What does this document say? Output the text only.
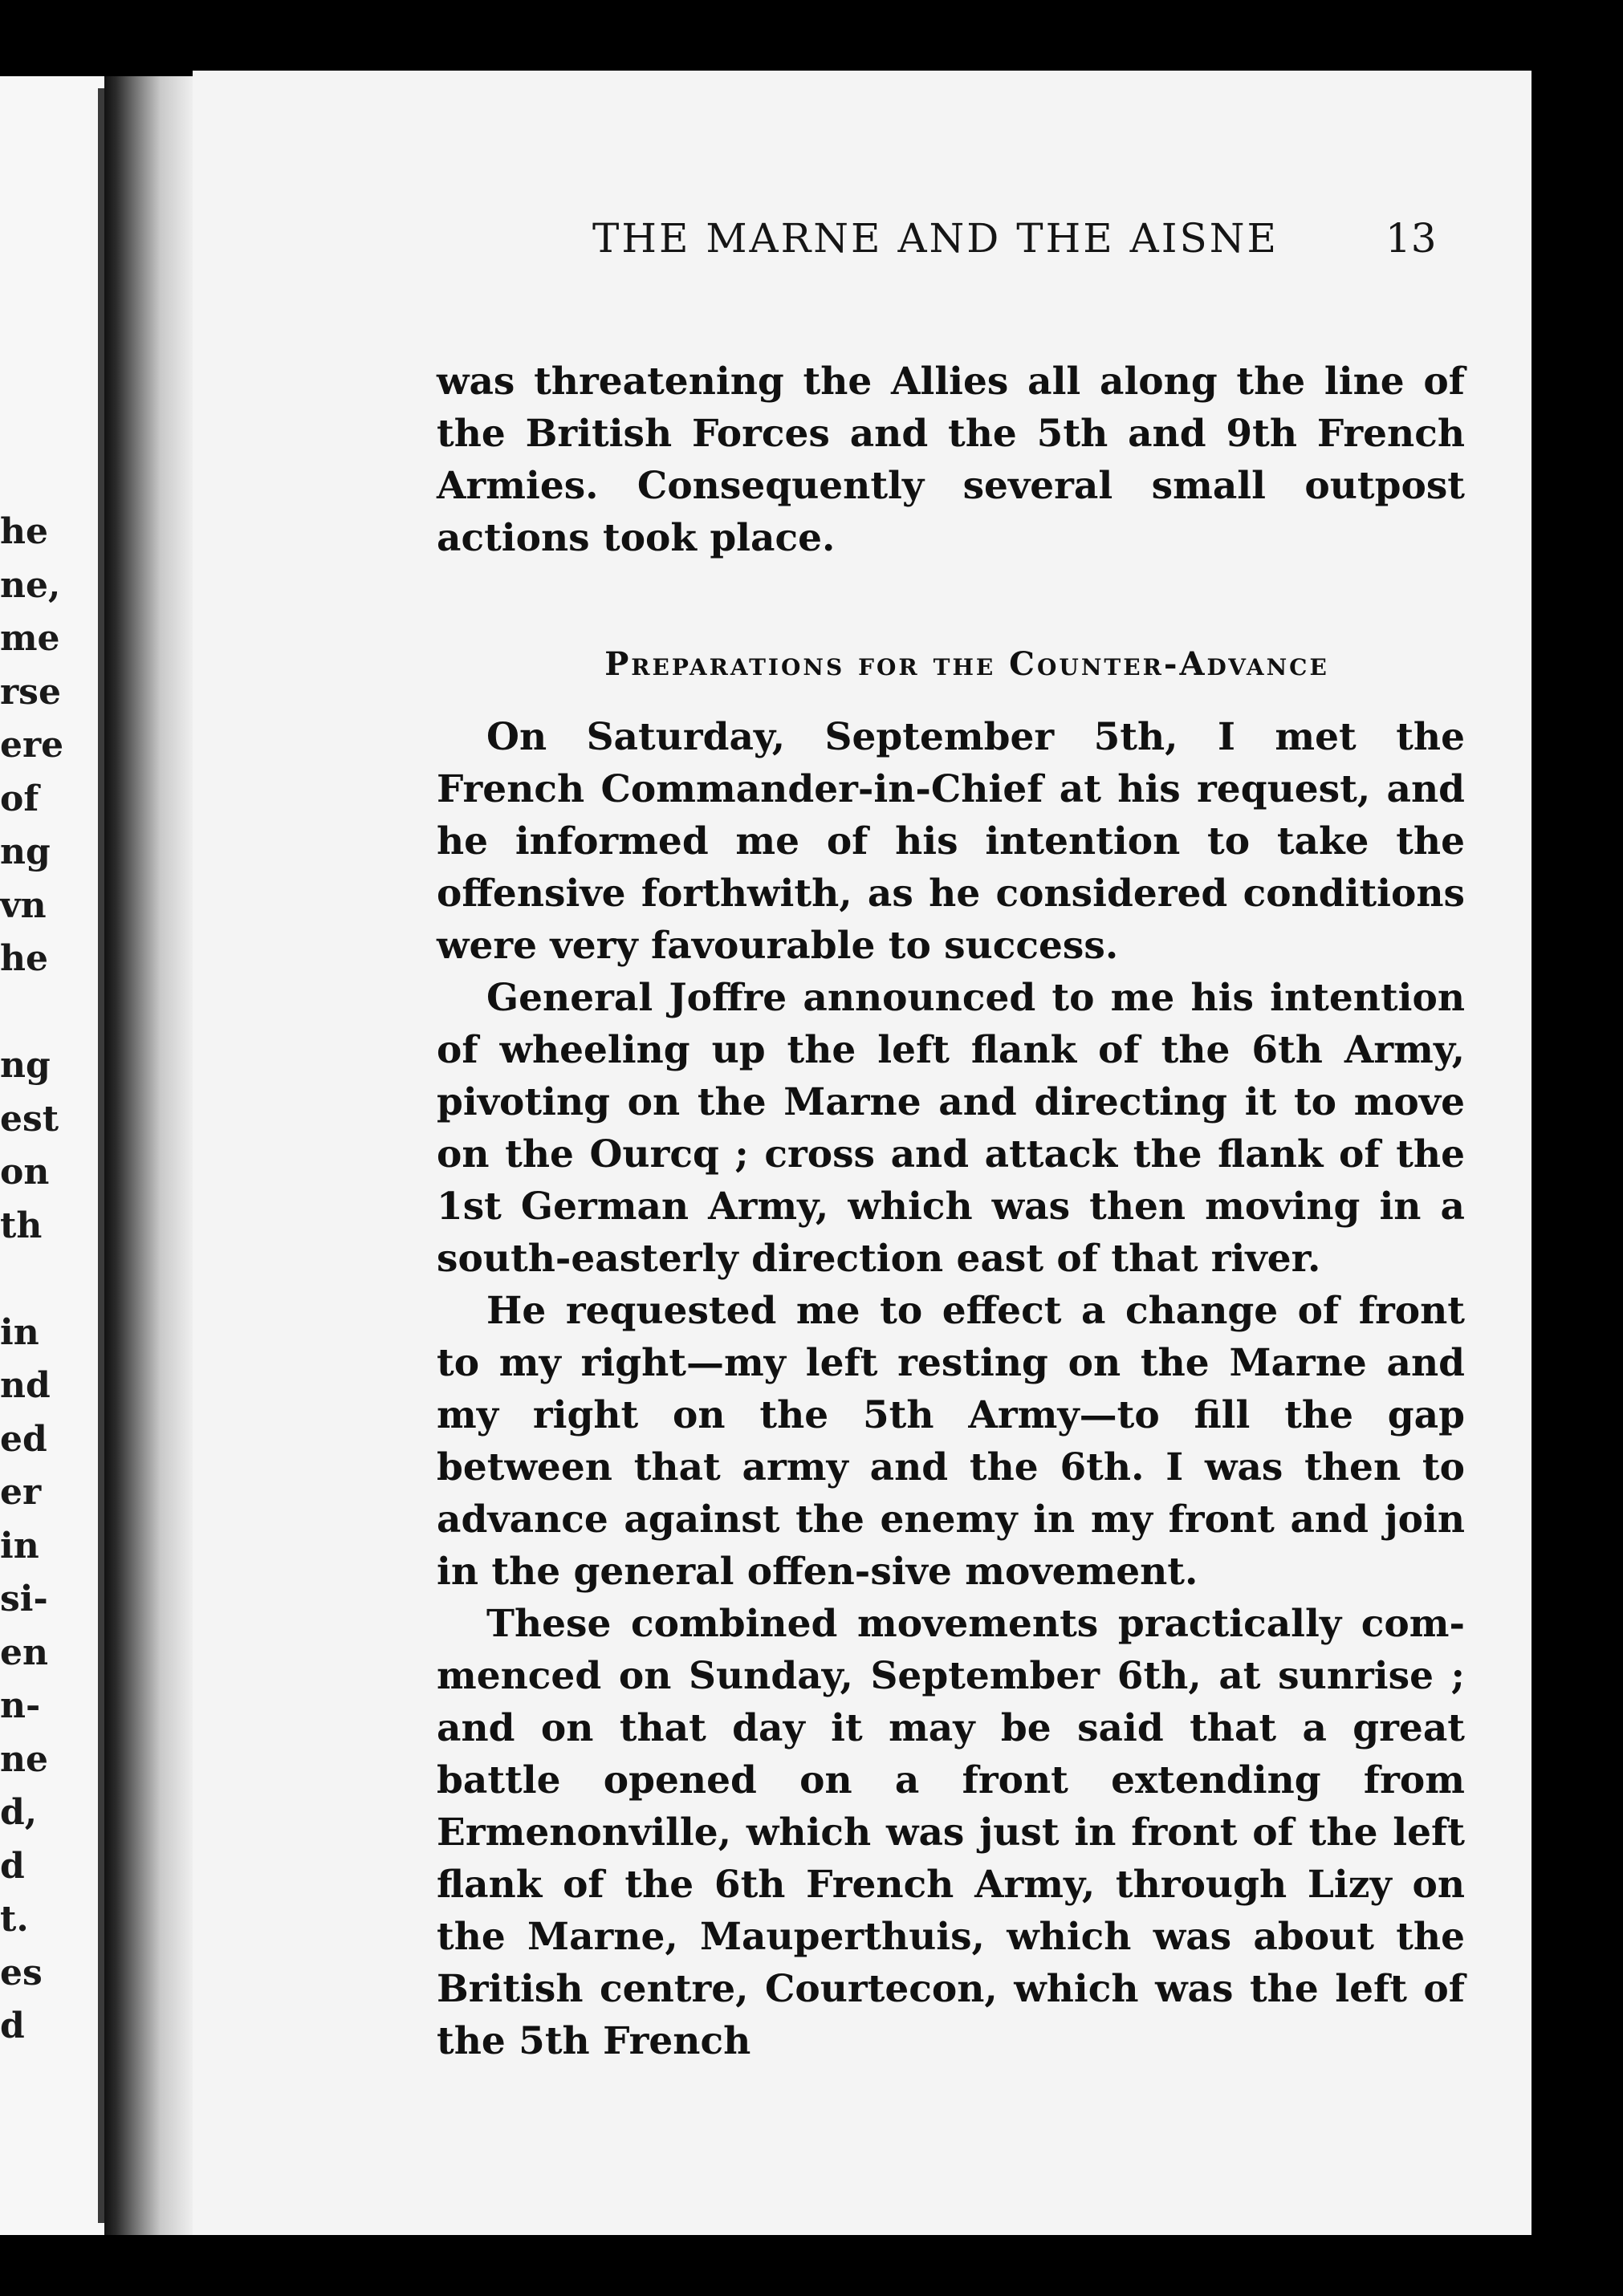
he
ne,
me
rse
ere
of
ng
vn
he
ng
est
on
th
in
nd
ed
er
in
si-
en
n-
ne
d,
d
t.
es
d
THE MARNE AND THE AISNE	13

was threatening the Allies all along the line of the British Forces and the 5th and 9th French Armies. Consequently several small outpost actions took place.

Preparations for the Counter-Advance

On Saturday, September 5th, I met the French Commander-in-Chief at his request, and he informed me of his intention to take the offensive forthwith, as he considered conditions were very favourable to success.

General Joffre announced to me his intention of wheeling up the left flank of the 6th Army, pivoting on the Marne and directing it to move on the Ourcq ; cross and attack the flank of the 1st German Army, which was then moving in a south-easterly direction east of that river.

He requested me to effect a change of front to my right—my left resting on the Marne and my right on the 5th Army—to fill the gap between that army and the 6th. I was then to advance against the enemy in my front and join in the general offen-sive movement.

These combined movements practically com-menced on Sunday, September 6th, at sunrise ; and on that day it may be said that a great battle opened on a front extending from Ermenonville, which was just in front of the left flank of the 6th French Army, through Lizy on the Marne, Mauperthuis, which was about the British centre, Courtecon, which was the left of the 5th French
